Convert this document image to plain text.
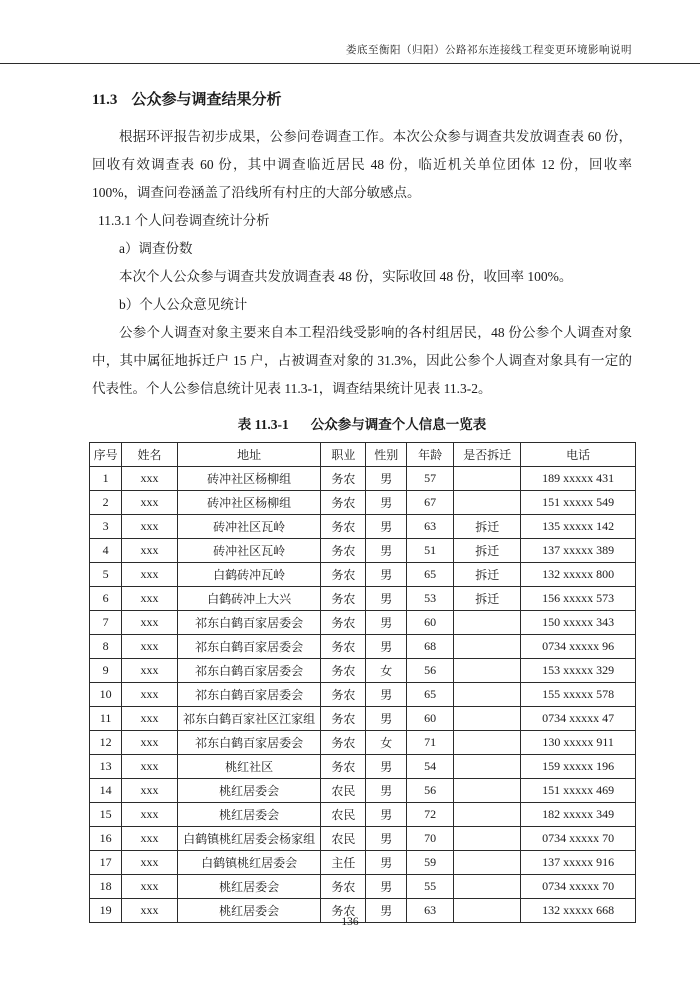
娄底至衡阳（归阳）公路祁东连接线工程变更环境影响说明
11.3 公众参与调查结果分析

根据环评报告初步成果，公参问卷调查工作。本次公众参与调查共发放调查表 60 份，回收有效调查表 60 份，其中调查临近居民 48 份，临近机关单位团体 12 份，回收率 100%，调查问卷涵盖了沿线所有村庄的大部分敏感点。

11.3.1 个人问卷调查统计分析

a）调查份数

本次个人公众参与调查共发放调查表 48 份，实际收回 48 份，收回率 100%。

b）个人公众意见统计

公参个人调查对象主要来自本工程沿线受影响的各村组居民，48 份公参个人调查对象中，其中属征地拆迁户 15 户，占被调查对象的 31.3%，因此公参个人调查对象具有一定的代表性。个人公参信息统计见表 11.3-1，调查结果统计见表 11.3-2。

表 11.3-1 公众参与调查个人信息一览表
序号	姓名	地址	职业	性别	年龄	是否拆迁	电话
1	xxx	砖冲社区杨柳组	务农	男	57		189 xxxxx 431
2	xxx	砖冲社区杨柳组	务农	男	67		151 xxxxx 549
3	xxx	砖冲社区瓦岭	务农	男	63	拆迁	135 xxxxx 142
4	xxx	砖冲社区瓦岭	务农	男	51	拆迁	137 xxxxx 389
5	xxx	白鹤砖冲瓦岭	务农	男	65	拆迁	132 xxxxx 800
6	xxx	白鹤砖冲上大兴	务农	男	53	拆迁	156 xxxxx 573
7	xxx	祁东白鹤百家居委会	务农	男	60		150 xxxxx 343
8	xxx	祁东白鹤百家居委会	务农	男	68		0734 xxxxx 96
9	xxx	祁东白鹤百家居委会	务农	女	56		153 xxxxx 329
10	xxx	祁东白鹤百家居委会	务农	男	65		155 xxxxx 578
11	xxx	祁东白鹤百家社区江家组	务农	男	60		0734 xxxxx 47
12	xxx	祁东白鹤百家居委会	务农	女	71		130 xxxxx 911
13	xxx	桃红社区	务农	男	54		159 xxxxx 196
14	xxx	桃红居委会	农民	男	56		151 xxxxx 469
15	xxx	桃红居委会	农民	男	72		182 xxxxx 349
16	xxx	白鹤镇桃红居委会杨家组	农民	男	70		0734 xxxxx 70
17	xxx	白鹤镇桃红居委会	主任	男	59		137 xxxxx 916
18	xxx	桃红居委会	务农	男	55		0734 xxxxx 70
19	xxx	桃红居委会	务农	男	63		132 xxxxx 668
136
